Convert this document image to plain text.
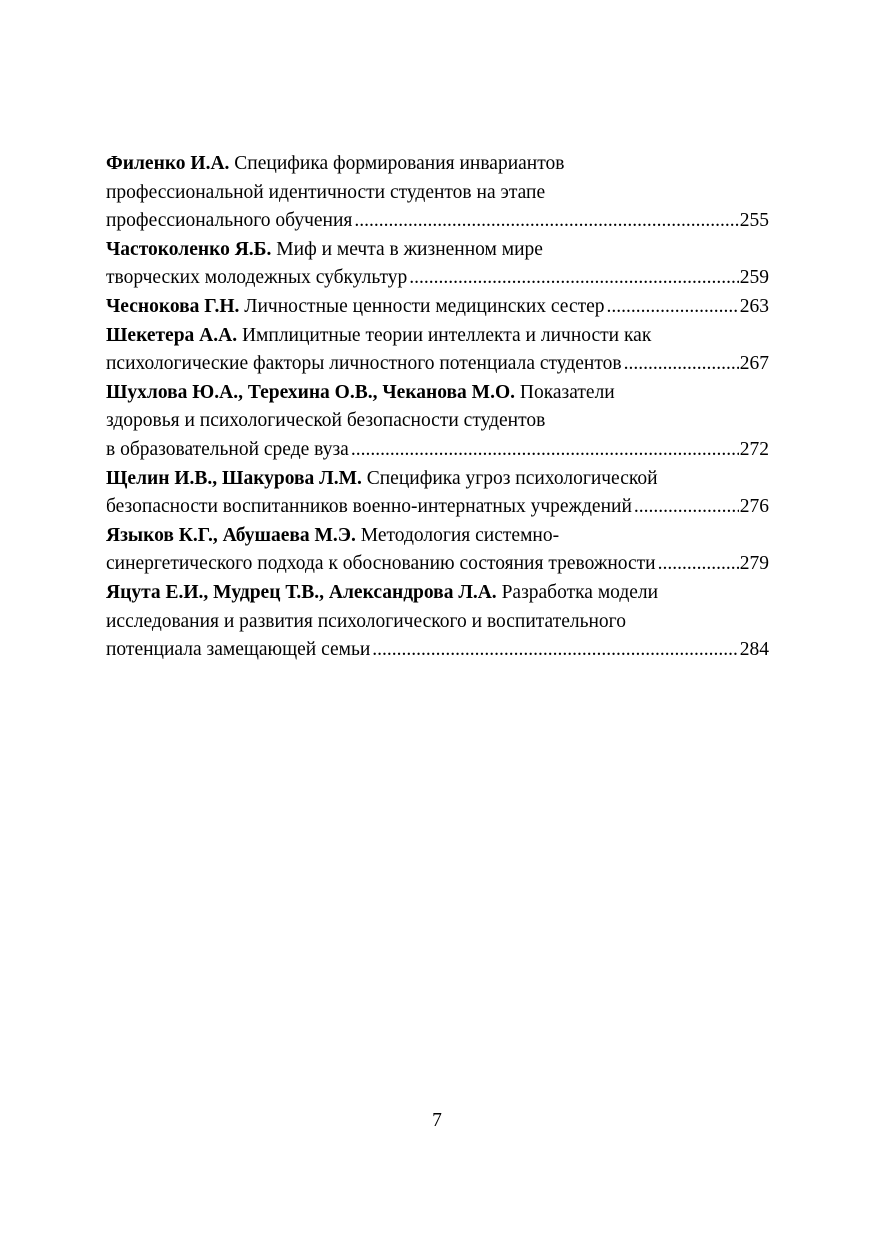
Филенко И.А. Специфика формирования инвариантов
профессиональной идентичности студентов на этапе
профессионального обучения .....	255
Частоколенко Я.Б. Миф и мечта в жизненном мире
творческих молодежных субкультур .....	259
Чеснокова Г.Н. Личностные ценности медицинских сестер .....	263
Шекетера А.А. Имплицитные теории интеллекта и личности как
психологические факторы личностного потенциала студентов .....	267
Шухлова Ю.А., Терехина О.В., Чеканова М.О. Показатели
здоровья и психологической безопасности студентов
в образовательной среде вуза .....	272
Щелин И.В., Шакурова Л.М. Специфика угроз психологической
безопасности воспитанников военно-интернатных учреждений .....	276
Языков К.Г., Абушаева М.Э. Методология системно-
синергетического подхода к обоснованию состояния тревожности .....	279
Яцута Е.И., Мудрец Т.В., Александрова Л.А. Разработка модели
исследования и развития психологического и воспитательного
потенциала замещающей семьи .....	284
7
